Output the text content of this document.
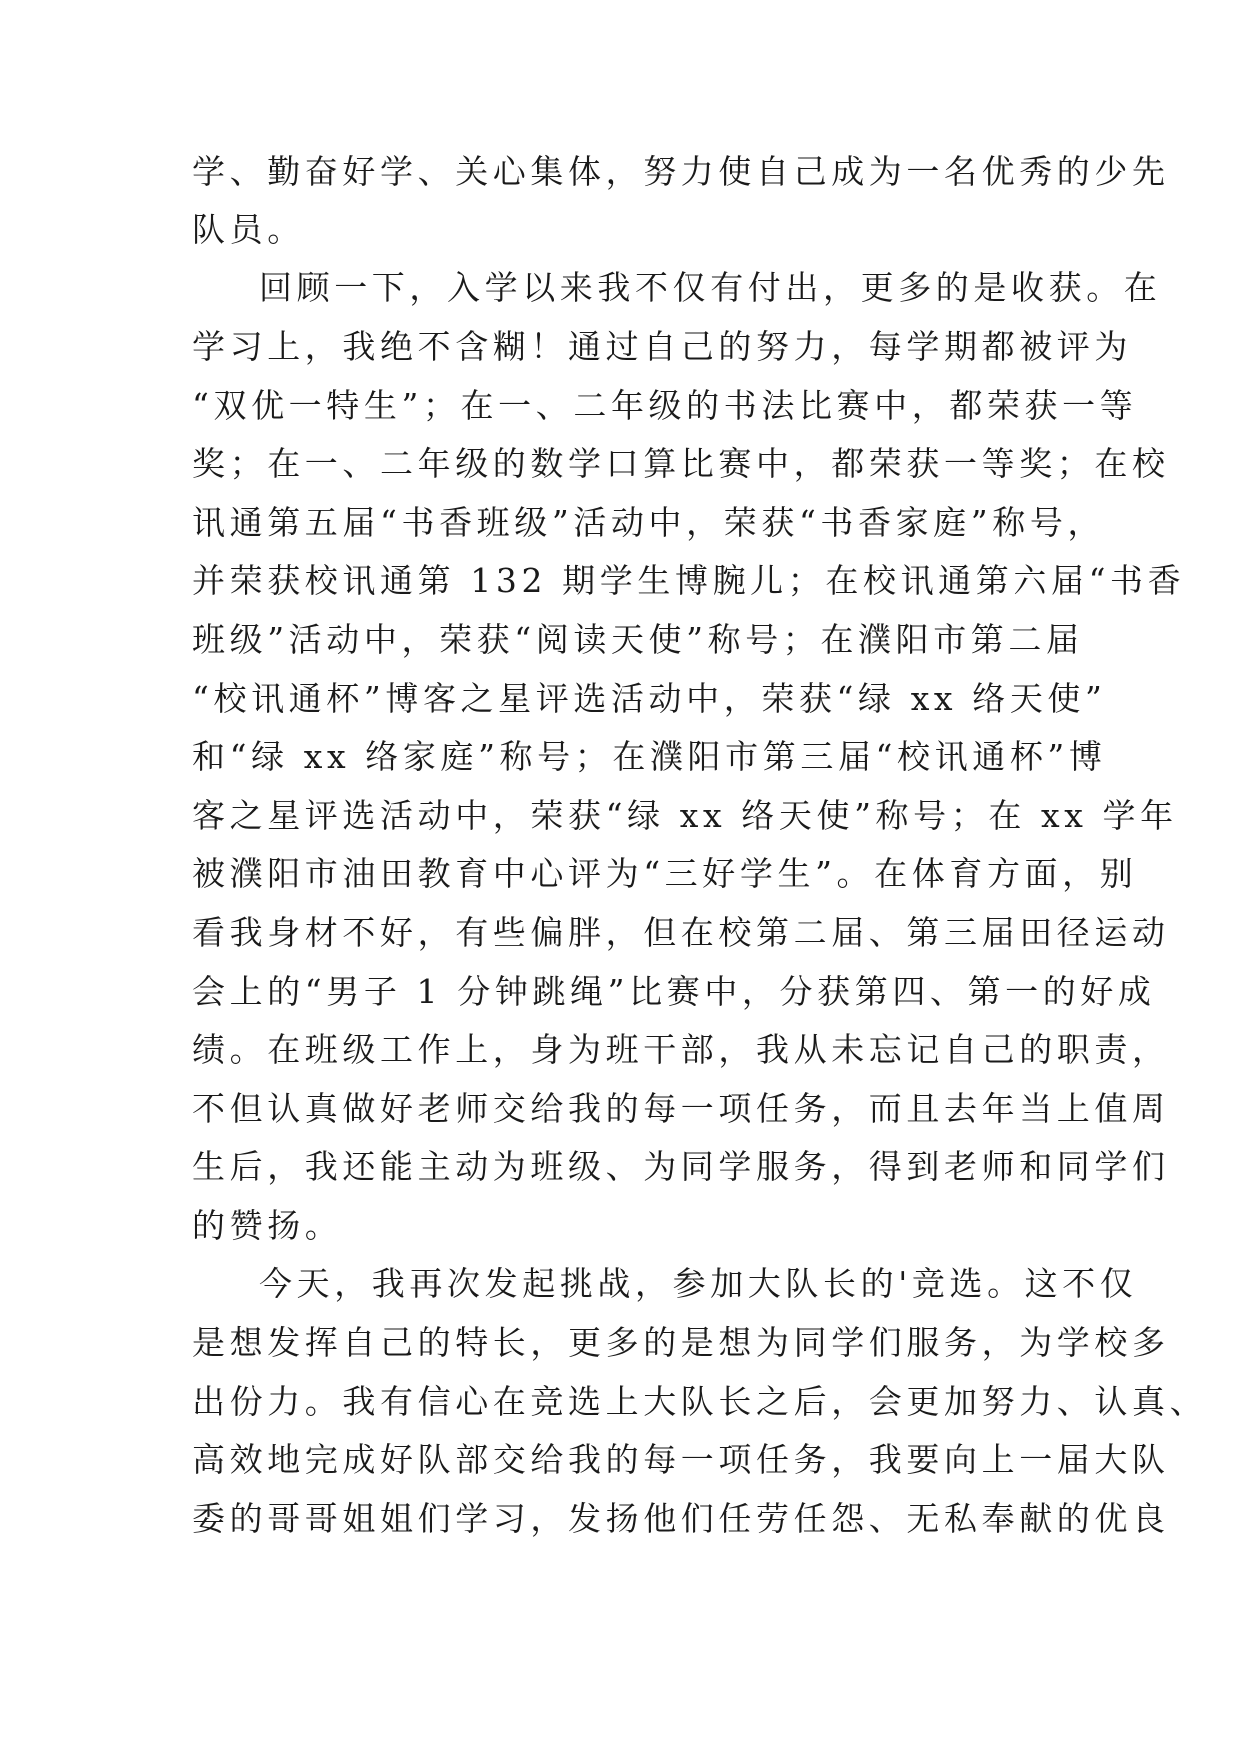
学、勤奋好学、关心集体，努力使自己成为一名优秀的少先
队员。
回顾一下，入学以来我不仅有付出，更多的是收获。在
学习上，我绝不含糊！通过自己的努力，每学期都被评为
“双优一特生”；在一、二年级的书法比赛中，都荣获一等
奖；在一、二年级的数学口算比赛中，都荣获一等奖；在校
讯通第五届“书香班级”活动中，荣获“书香家庭”称号，
并荣获校讯通第 132 期学生博腕儿；在校讯通第六届“书香
班级”活动中，荣获“阅读天使”称号；在濮阳市第二届
“校讯通杯”博客之星评选活动中，荣获“绿 xx 络天使”
和“绿 xx 络家庭”称号；在濮阳市第三届“校讯通杯”博
客之星评选活动中，荣获“绿 xx 络天使”称号；在 xx 学年
被濮阳市油田教育中心评为“三好学生”。在体育方面，别
看我身材不好，有些偏胖，但在校第二届、第三届田径运动
会上的“男子 1 分钟跳绳”比赛中，分获第四、第一的好成
绩。在班级工作上，身为班干部，我从未忘记自己的职责，
不但认真做好老师交给我的每一项任务，而且去年当上值周
生后，我还能主动为班级、为同学服务，得到老师和同学们
的赞扬。
今天，我再次发起挑战，参加大队长的'竞选。这不仅
是想发挥自己的特长，更多的是想为同学们服务，为学校多
出份力。我有信心在竞选上大队长之后，会更加努力、认真、
高效地完成好队部交给我的每一项任务，我要向上一届大队
委的哥哥姐姐们学习，发扬他们任劳任怨、无私奉献的优良
